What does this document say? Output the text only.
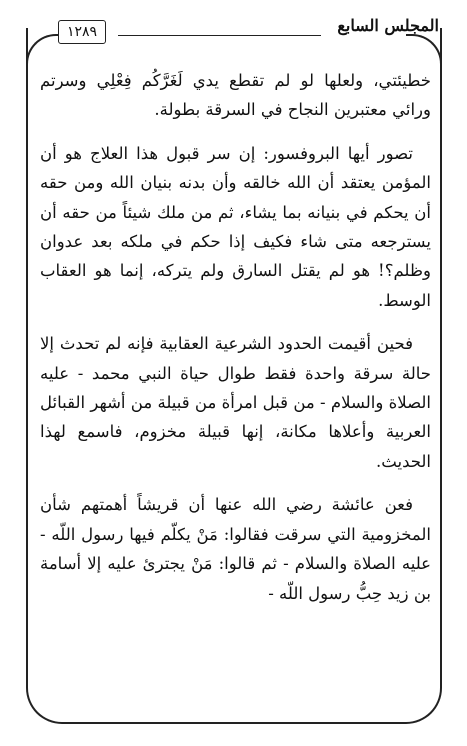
١٢٨٩	المجلس السابع

خطيئتي، ولعلها لو لم تقطع يدي لَغَرَّكُم فِعْلِي وسرتم ورائي معتبرين النجاح في السرقة بطولة.

تصور أيها البروفسور: إن سر قبول هذا العلاج هو أن المؤمن يعتقد أن الله خالقه وأن بدنه بنيان الله ومن حقه أن يحكم في بنيانه بما يشاء، ثم من ملك شيئاً من حقه أن يسترجعه متى شاء فكيف إذا حكم في ملكه بعد عدوان وظلم؟! هو لم يقتل السارق ولم يتركه، إنما هو العقاب الوسط.

فحين أقيمت الحدود الشرعية العقابية فإنه لم تحدث إلا حالة سرقة واحدة فقط طوال حياة النبي محمد - عليه الصلاة والسلام - من قبل امرأة من قبيلة من أشهر القبائل العربية وأعلاها مكانة، إنها قبيلة مخزوم، فاسمع لهذا الحديث.

فعن عائشة رضي الله عنها أن قريشاً أهمتهم شأن المخزومية التي سرقت فقالوا: مَنْ يكلّم فيها رسول اللّه - عليه الصلاة والسلام - ثم قالوا: مَنْ يجترئ عليه إلا أسامة بن زيد حِبُّ رسول اللّه -
